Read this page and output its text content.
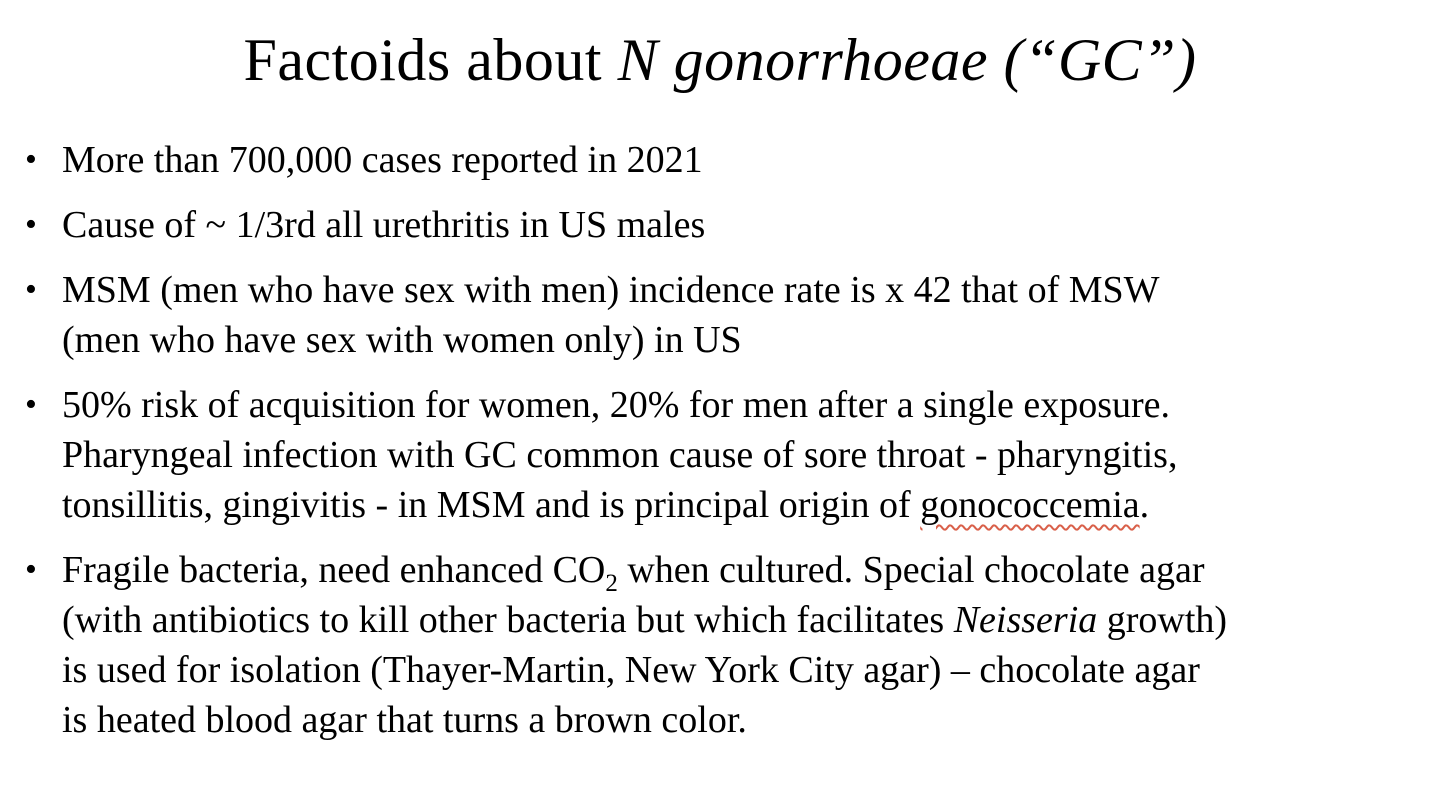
Factoids about N gonorrhoeae (“GC”)
• More than 700,000 cases reported in 2021
• Cause of ~ 1/3rd all urethritis in US males
• MSM (men who have sex with men) incidence rate is x 42 that of MSW
(men who have sex with women only) in US
• 50% risk of acquisition for women, 20% for men after a single exposure.
Pharyngeal infection with GC common cause of sore throat - pharyngitis,
tonsillitis, gingivitis - in MSM and is principal origin of gonococcemia.
• Fragile bacteria, need enhanced $CO_2$ when cultured. Special chocolate agar
(with antibiotics to kill other bacteria but which facilitates Neisseria growth)
is used for isolation (Thayer-Martin, New York City agar) – chocolate agar
is heated blood agar that turns a brown color.
